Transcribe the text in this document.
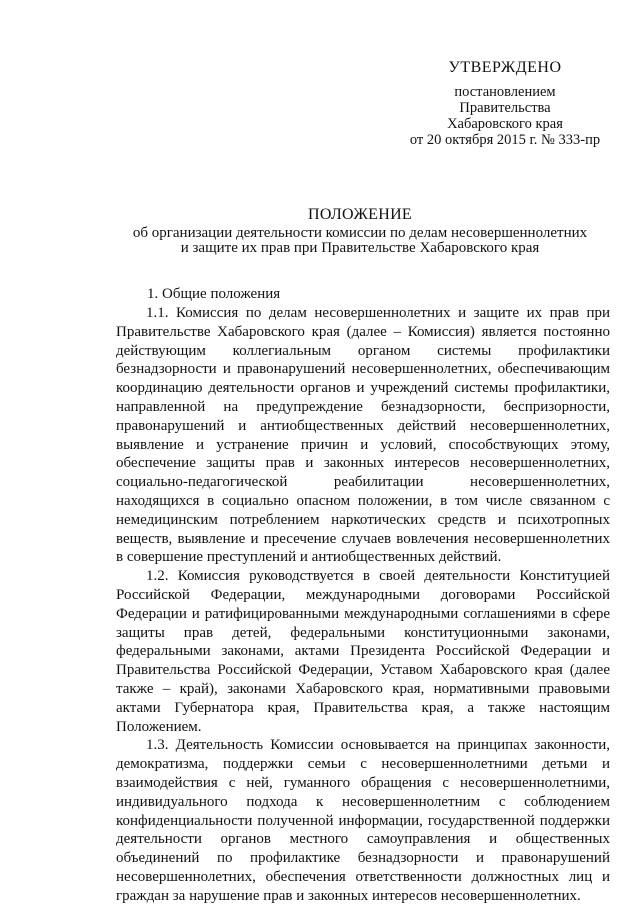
УТВЕРЖДЕНО
постановлением
Правительства
Хабаровского края
от 20 октября 2015 г. № 333-пр
ПОЛОЖЕНИЕ
об организации деятельности комиссии по делам несовершеннолетних
и защите их прав при Правительстве Хабаровского края
1. Общие положения

1.1. Комиссия по делам несовершеннолетних и защите их прав при Правительстве Хабаровского края (далее – Комиссия) является постоянно действующим коллегиальным органом системы профилактики безнадзорности и правонарушений несовершеннолетних, обеспечивающим координацию деятельности органов и учреждений системы профилактики, направленной на предупреждение безнадзорности, беспризорности, правонарушений и антиобщественных действий несовершеннолетних, выявление и устранение причин и условий, способствующих этому, обеспечение защиты прав и законных интересов несовершеннолетних, социально-педагогической реабилитации несовершеннолетних, находящихся в социально опасном положении, в том числе связанном с немедицинским потреблением наркотических средств и психотропных веществ, выявление и пресечение случаев вовлечения несовершеннолетних в совершение преступлений и антиобщественных действий.

1.2. Комиссия руководствуется в своей деятельности Конституцией Российской Федерации, международными договорами Российской Федерации и ратифицированными международными соглашениями в сфере защиты прав детей, федеральными конституционными законами, федеральными законами, актами Президента Российской Федерации и Правительства Российской Федерации, Уставом Хабаровского края (далее также – край), законами Хабаровского края, нормативными правовыми актами Губернатора края, Правительства края, а также настоящим Положением.

1.3. Деятельность Комиссии основывается на принципах законности, демократизма, поддержки семьи с несовершеннолетними детьми и взаимодействия с ней, гуманного обращения с несовершеннолетними, индивидуального подхода к несовершеннолетним с соблюдением конфиденциальности полученной информации, государственной поддержки деятельности органов местного самоуправления и общественных объединений по профилактике безнадзорности и правонарушений несовершеннолетних, обеспечения ответственности должностных лиц и граждан за нарушение прав и законных интересов несовершеннолетних.
